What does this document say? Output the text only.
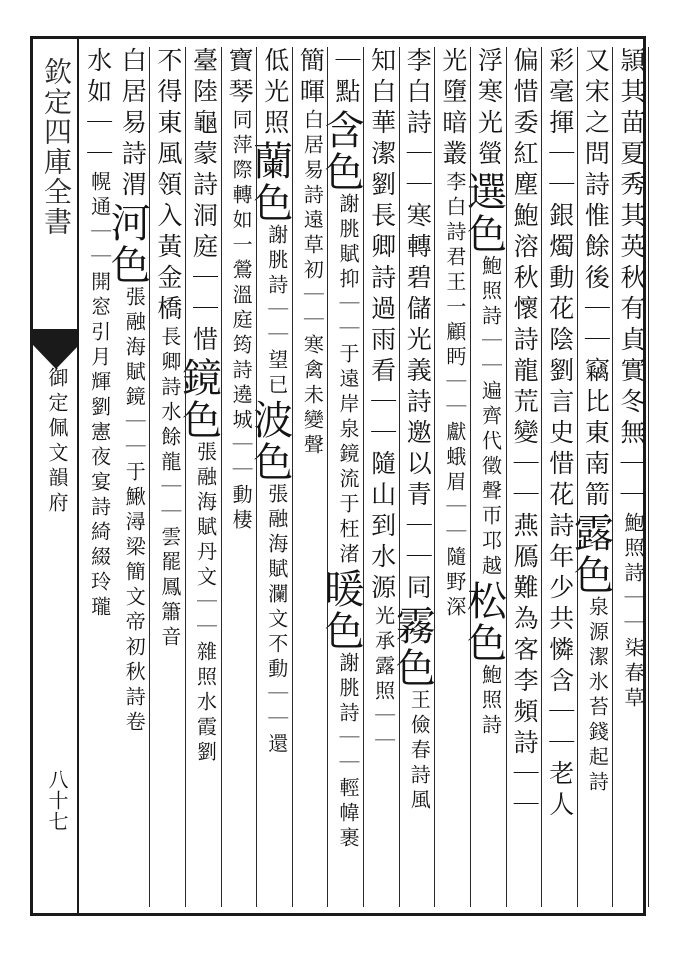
欽定四庫全書
御定佩文韻府
八十七
頴其苗夏秀其英秋有貞實冬無
｜｜
鮑照詩｜｜柒春草
又宋之問詩惟餘後｜｜竊比東南箭
露色
泉源潔氷苔錢起詩
彩毫揮｜｜銀燭動花陰劉言史惜花詩年少共憐含｜｜老人
偏惜委紅塵鮑溶秋懷詩龍荒變｜｜燕鴈難為客李頻詩｜｜
浮寒光螢
選色
鮑照詩｜｜遍齊代徵聲帀邛越
松色
鮑照詩
光墮暗叢
李白詩君王一顧眄｜｜獻蛾眉｜｜隨野深
李白詩｜｜寒轉碧儲光義詩邀以青｜｜同
霧色
王儉春詩風
知白華潔劉長卿詩過雨看｜｜隨山到水源
光承露照｜｜
｜點
含色
謝朓賦抑｜｜于遠岸泉鏡流于枉渚
暖色
謝朓詩｜｜輕幃裹
簡暉
白居易詩遠草初｜｜寒禽未變聲
低光照
蘭色
謝朓詩｜｜望已
波色
張融海賦瀾文不動｜｜還
寶琴
同萍際轉如一
鶯溫庭筠詩遶城｜｜動棲
臺陸龜蒙詩洞庭｜｜惜
鏡色
張融海賦丹文｜｜雜照水霞劉
不得東風領入黃金橋
長卿詩水餘龍｜｜雲罷鳳簫音
白居易詩渭
河色
張融海賦鏡｜｜于鰍潯梁簡文帝初秋詩卷
水如｜｜
幌通｜｜開窓引月輝劉憲夜宴詩綺綴玲瓏
